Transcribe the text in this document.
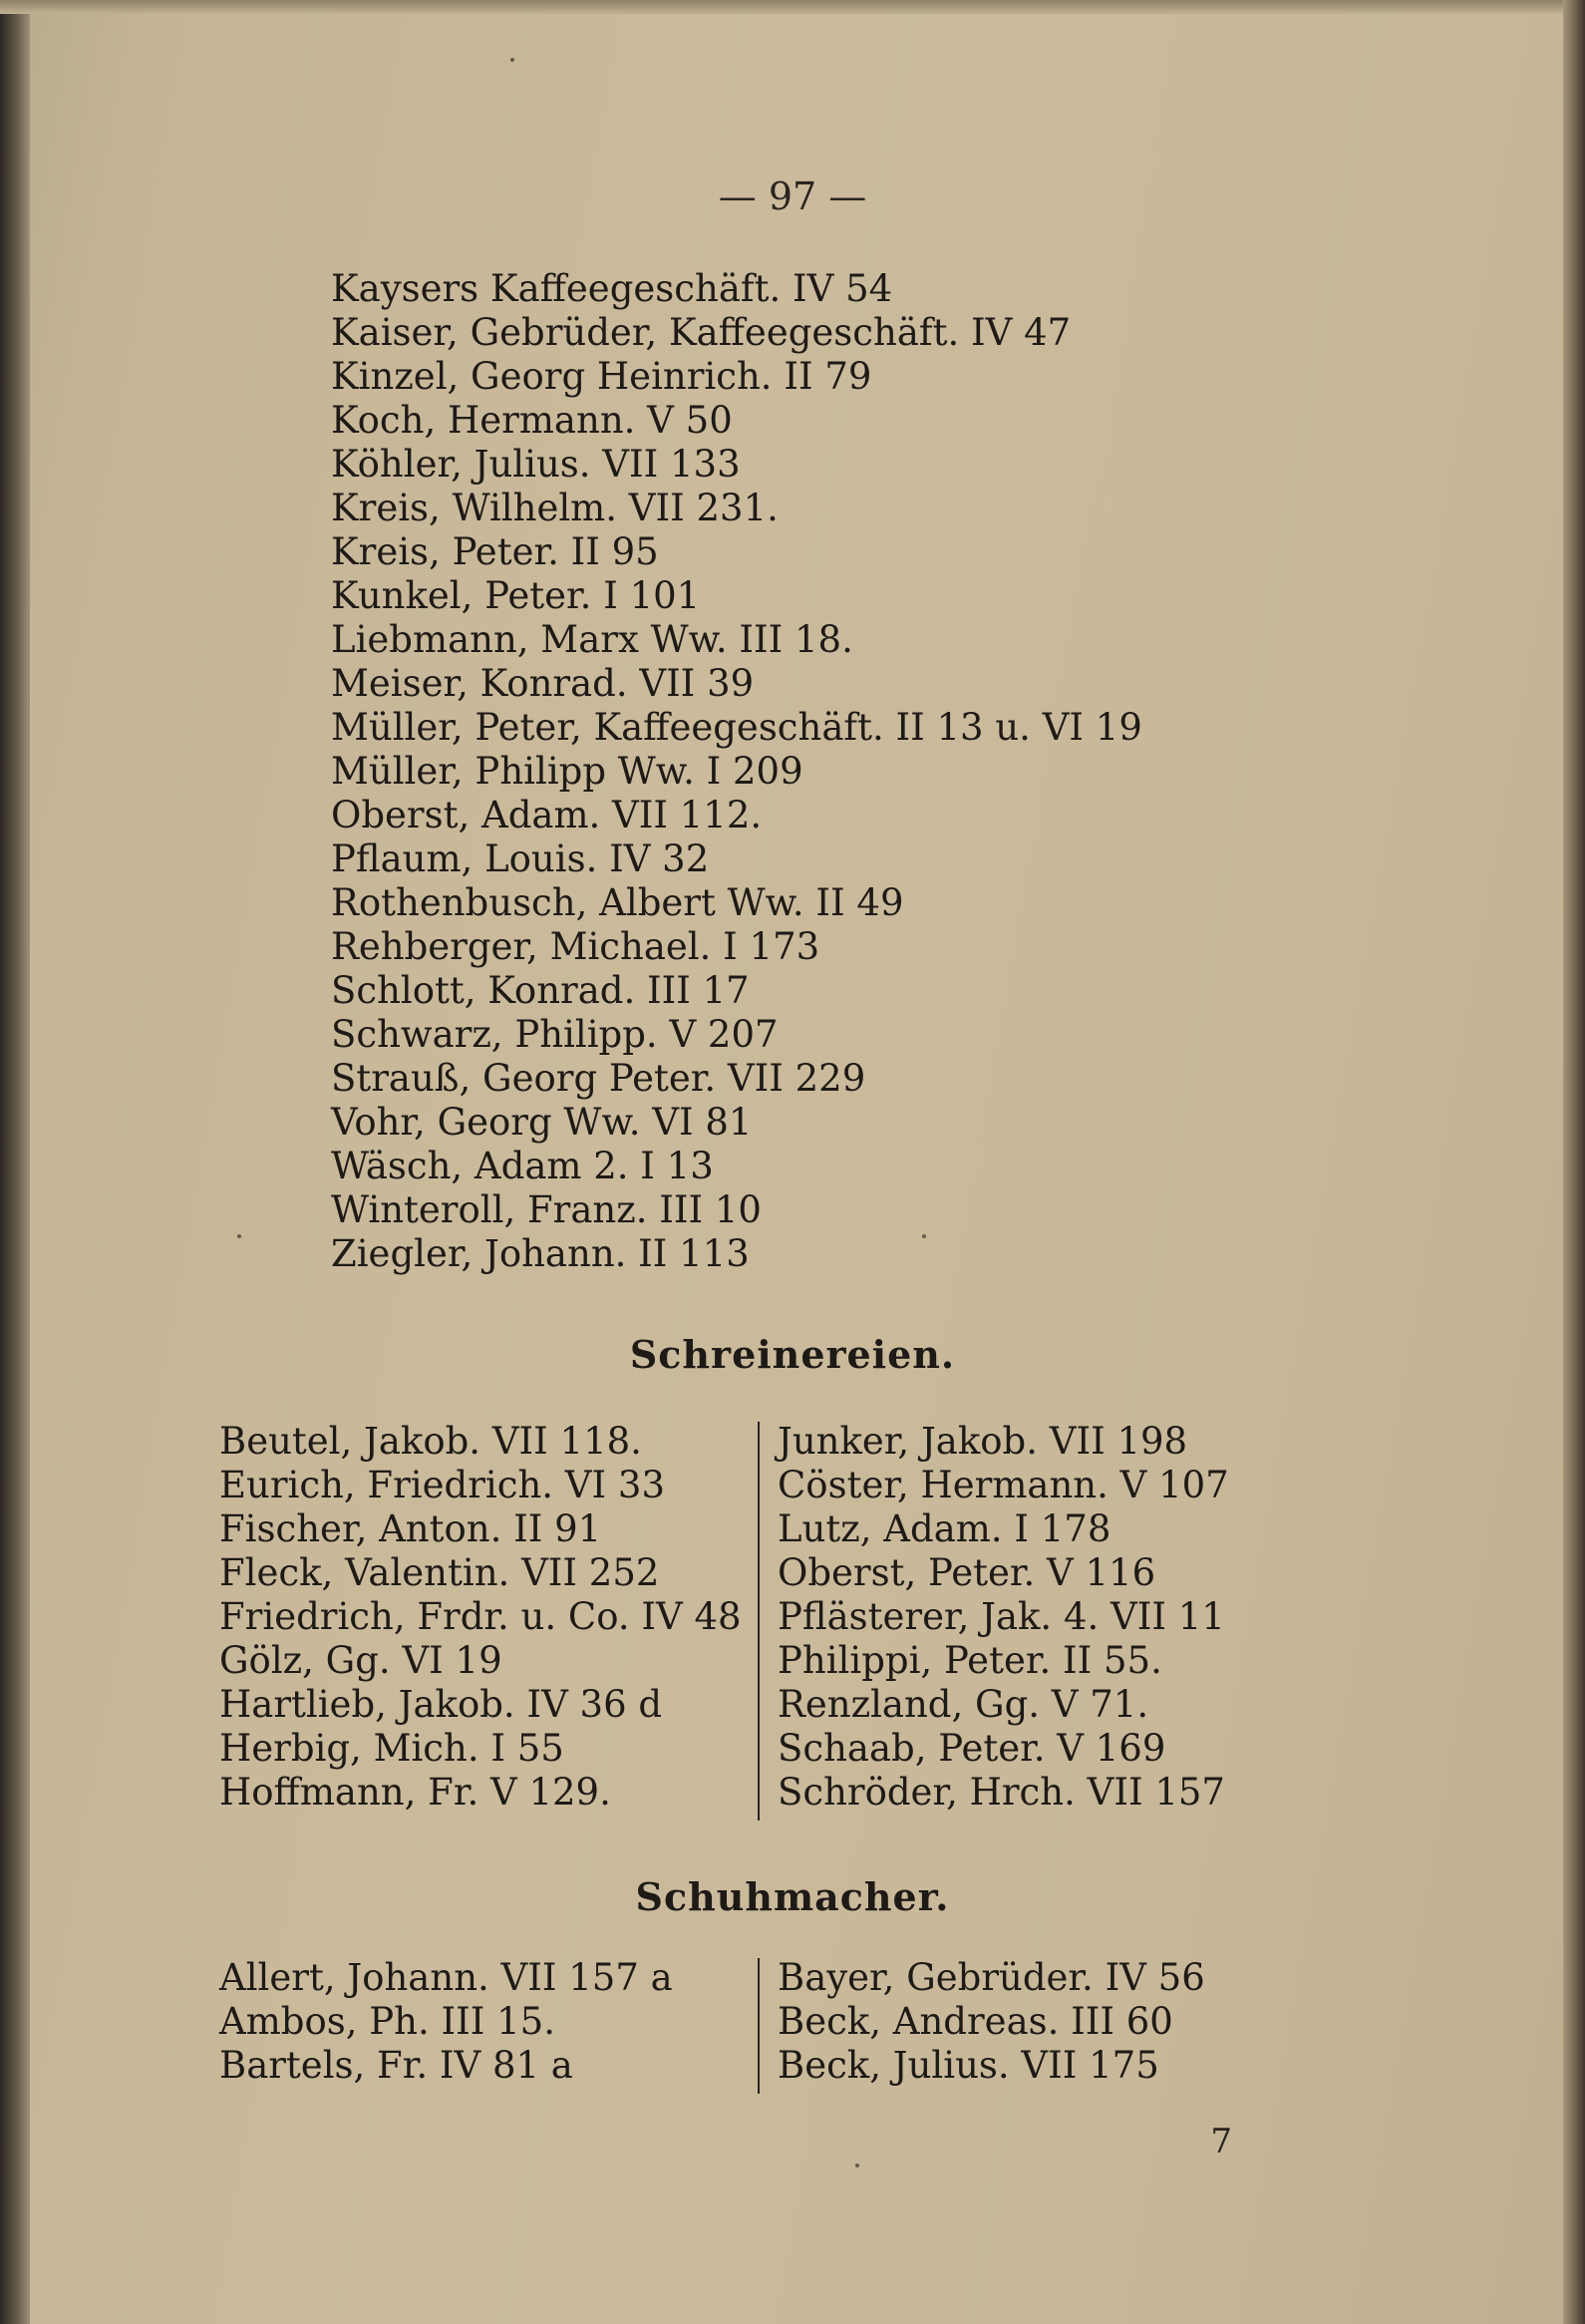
— 97 —
Kaysers Kaffeegeschäft. IV 54
Kaiser, Gebrüder, Kaffeegeschäft. IV 47
Kinzel, Georg Heinrich. II 79
Koch, Hermann. V 50
Köhler, Julius. VII 133
Kreis, Wilhelm. VII 231.
Kreis, Peter. II 95
Kunkel, Peter. I 101
Liebmann, Marx Ww. III 18.
Meiser, Konrad. VII 39
Müller, Peter, Kaffeegeschäft. II 13 u. VI 19
Müller, Philipp Ww. I 209
Oberst, Adam. VII 112.
Pflaum, Louis. IV 32
Rothenbusch, Albert Ww. II 49
Rehberger, Michael. I 173
Schlott, Konrad. III 17
Schwarz, Philipp. V 207
Strauß, Georg Peter. VII 229
Vohr, Georg Ww. VI 81
Wäsch, Adam 2. I 13
Winteroll, Franz. III 10
Ziegler, Johann. II 113
Schreinereien.
Beutel, Jakob. VII 118.
Eurich, Friedrich. VI 33
Fischer, Anton. II 91
Fleck, Valentin. VII 252
Friedrich, Frdr. u. Co. IV 48
Gölz, Gg. VI 19
Hartlieb, Jakob. IV 36 d
Herbig, Mich. I 55
Hoffmann, Fr. V 129.
Junker, Jakob. VII 198
Cöster, Hermann. V 107
Lutz, Adam. I 178
Oberst, Peter. V 116
Pflästerer, Jak. 4. VII 11
Philippi, Peter. II 55.
Renzland, Gg. V 71.
Schaab, Peter. V 169
Schröder, Hrch. VII 157
Schuhmacher.
Allert, Johann. VII 157 a
Ambos, Ph. III 15.
Bartels, Fr. IV 81 a
Bayer, Gebrüder. IV 56
Beck, Andreas. III 60
Beck, Julius. VII 175
7
